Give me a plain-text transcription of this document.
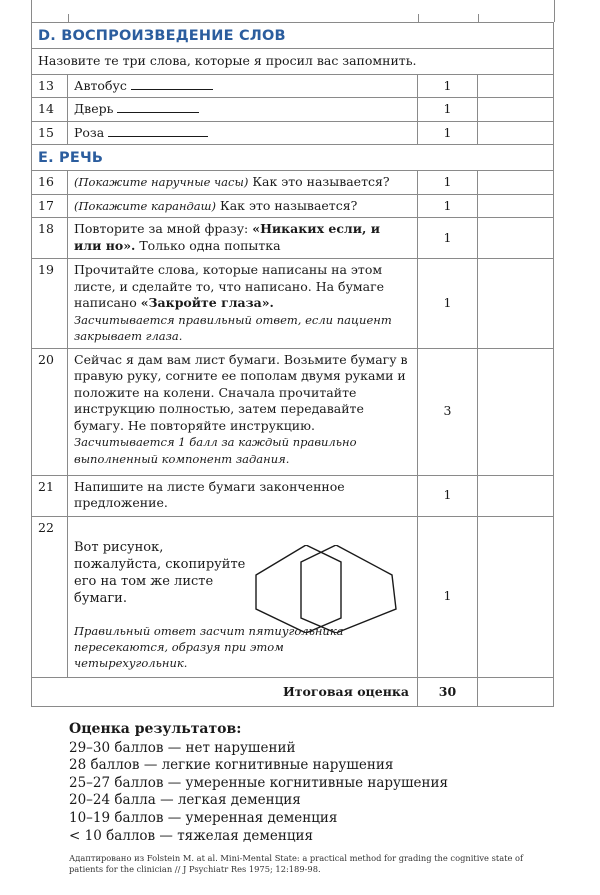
D. ВОСПРОИЗВЕДЕНИЕ СЛОВ			
Назовите те три слова, которые я просил вас запомнить.			
13	Автобус	1	
14	Дверь	1	
15	Роза	1	
E. РЕЧЬ			
16	(Покажите наручные часы) Как это называется?	1	
17	(Покажите карандаш) Как это называется?	1	
18	Повторите за мной фразу: «Никаких если, и или но». Только одна попытка	1	
19	Прочитайте слова, которые написаны на этом листе, и сделайте то, что написано. На бумаге написано «Закройте глаза».
Засчитывается правильный ответ, если пациент закрывает глаза.	1	
20	Сейчас я дам вам лист бумаги. Возьмите бумагу в правую руку, согните ее пополам двумя руками и положите на колени. Сначала прочитайте инструкцию полностью, затем передавайте бумагу. Не повторяйте инструкцию. Засчитывается 1 балл за каждый правильно выполненный компонент задания.	3	
21	Напишите на листе бумаги законченное предложение.	1	
22	Вот рисунок, пожалуйста, скопируйте его на том же листе бумаги.
Правильный ответ засчит пятиугольника пересекаются, образуя при этом четырехугольник.	1	
Итоговая оценка		30	
Оценка результатов:
29–30 баллов — нет нарушений
28 баллов — легкие когнитивные нарушения
25–27 баллов — умеренные когнитивные нарушения
20–24 балла — легкая деменция
10–19 баллов — умеренная деменция
< 10 баллов — тяжелая деменция
Адаптировано из Folstein M. at al. Mini-Mental State: a practical method for grading the cognitive state of patients for the clinician // J Psychiatr Res 1975; 12:189-98.
